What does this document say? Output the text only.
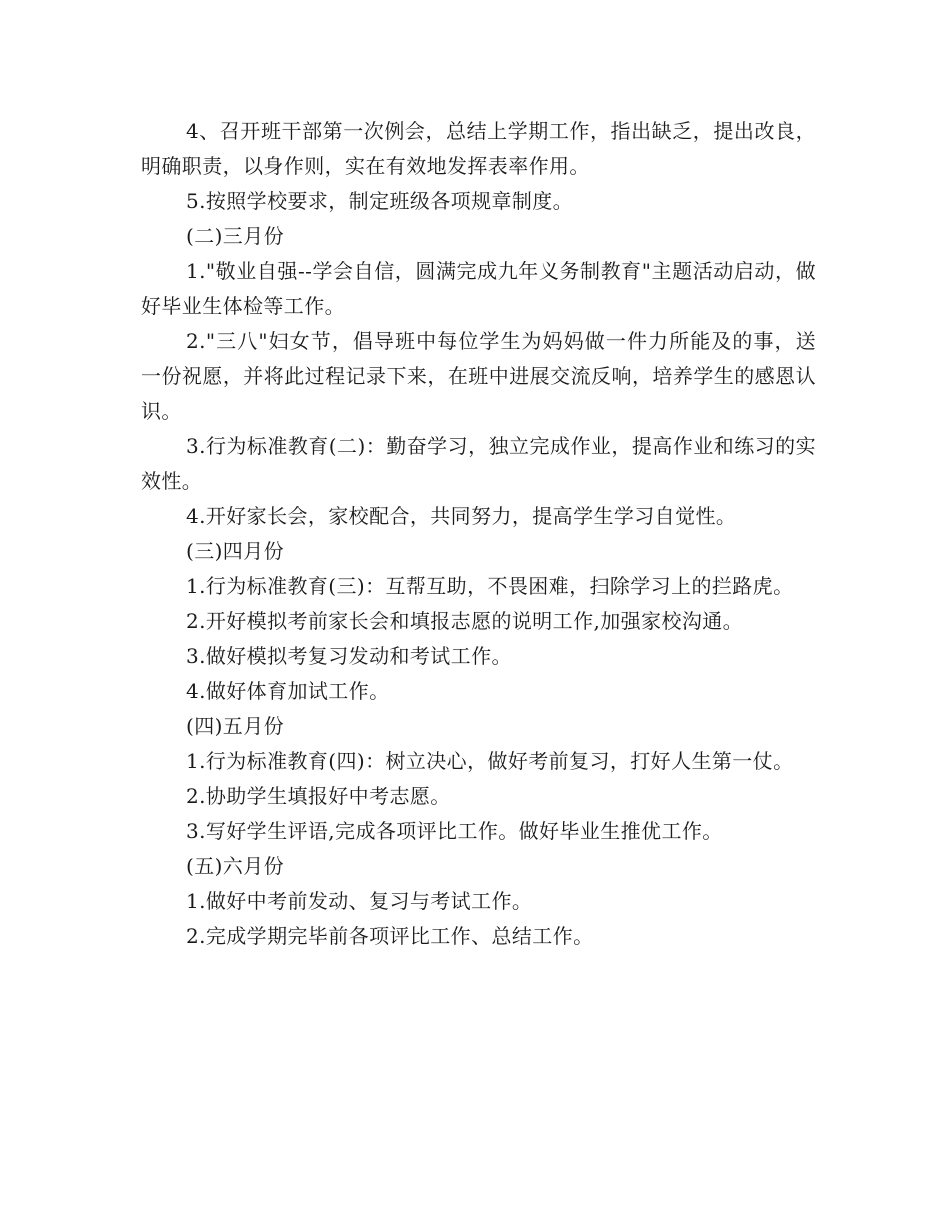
4、召开班干部第一次例会，总结上学期工作，指出缺乏，提出改良，明确职责，以身作则，实在有效地发挥表率作用。

5.按照学校要求，制定班级各项规章制度。

(二)三月份

1."敬业自强--学会自信，圆满完成九年义务制教育"主题活动启动，做好毕业生体检等工作。

2."三八"妇女节，倡导班中每位学生为妈妈做一件力所能及的事，送一份祝愿，并将此过程记录下来，在班中进展交流反响，培养学生的感恩认识。

3.行为标准教育(二)：勤奋学习，独立完成作业，提高作业和练习的实效性。

4.开好家长会，家校配合，共同努力，提高学生学习自觉性。

(三)四月份

1.行为标准教育(三)：互帮互助，不畏困难，扫除学习上的拦路虎。

2.开好模拟考前家长会和填报志愿的说明工作,加强家校沟通。

3.做好模拟考复习发动和考试工作。

4.做好体育加试工作。

(四)五月份

1.行为标准教育(四)：树立决心，做好考前复习，打好人生第一仗。

2.协助学生填报好中考志愿。

3.写好学生评语,完成各项评比工作。做好毕业生推优工作。

(五)六月份

1.做好中考前发动、复习与考试工作。

2.完成学期完毕前各项评比工作、总结工作。
